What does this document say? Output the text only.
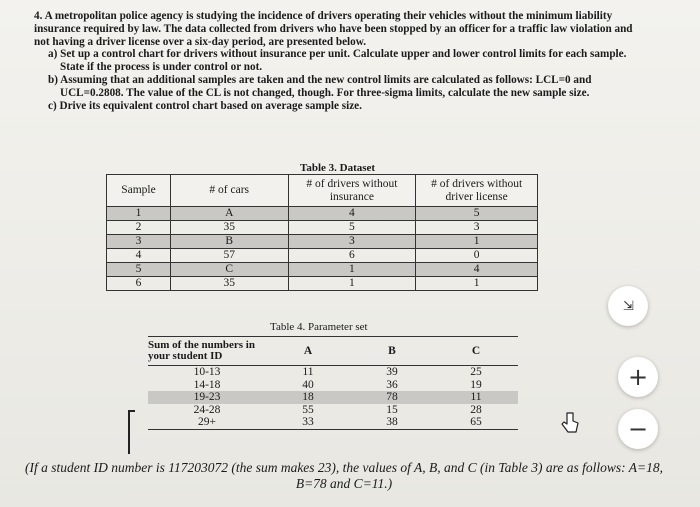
4. A metropolitan police agency is studying the incidence of drivers operating their vehicles without the minimum liability insurance required by law. The data collected from drivers who have been stopped by an officer for a traffic law violation and not having a driver license over a six-day period, are presented below.

a) Set up a control chart for drivers without insurance per unit. Calculate upper and lower control limits for each sample. State if the process is under control or not.

b) Assuming that an additional samples are taken and the new control limits are calculated as follows: LCL=0 and UCL=0.2808. The value of the CL is not changed, though. For three-sigma limits, calculate the new sample size.

c) Drive its equivalent control chart based on average sample size.

Table 3. Dataset
Sample	# of cars	# of drivers without insurance	# of drivers without driver license
1	A	4	5
2	35	5	3
3	B	3	1
4	57	6	0
5	C	1	4
6	35	1	1
Table 4. Parameter set
Sum of the numbers in your student ID	A	B	C
10-13	11	39	25
14-18	40	36	19
19-23	18	78	11
24-28	55	15	28
29+	33	38	65
(If a student ID number is 117203072 (the sum makes 23), the values of A, B, and C (in Table 3) are as follows: A=18, B=78 and C=11.)
⇲
+
−
